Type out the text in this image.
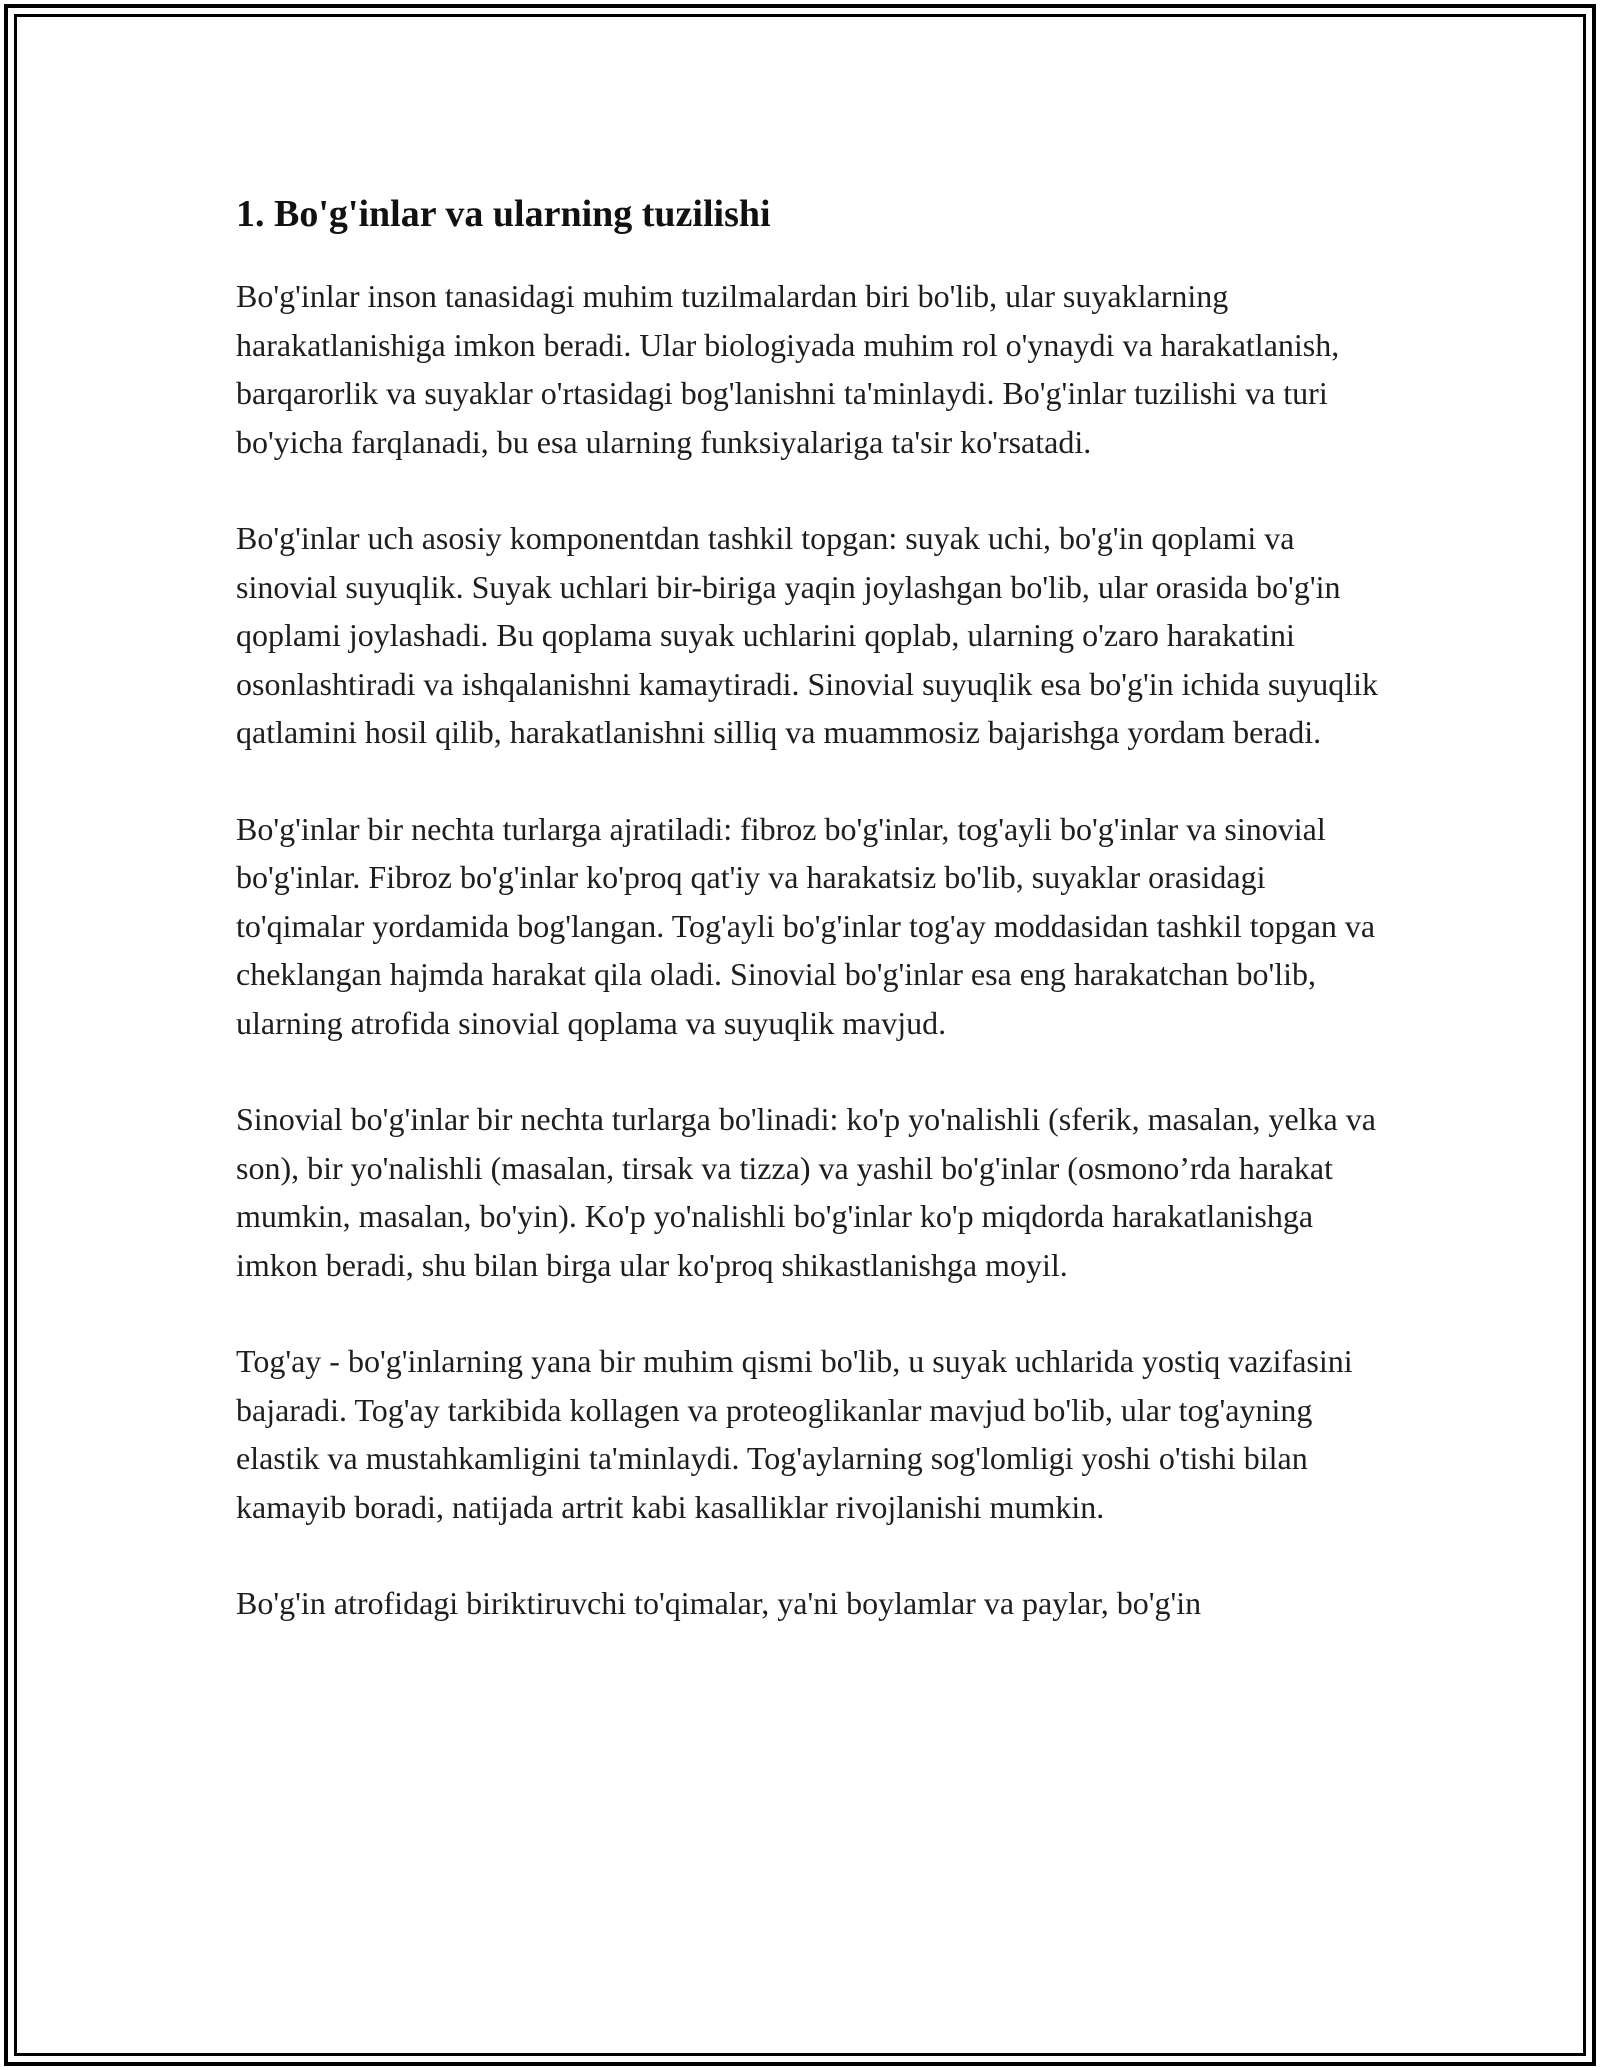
1. Bo'g'inlar va ularning tuzilishi

Bo'g'inlar inson tanasidagi muhim tuzilmalardan biri bo'lib, ular suyaklarning harakatlanishiga imkon beradi. Ular biologiyada muhim rol o'ynaydi va harakatlanish, barqarorlik va suyaklar o'rtasidagi bog'lanishni ta'minlaydi. Bo'g'inlar tuzilishi va turi bo'yicha farqlanadi, bu esa ularning funksiyalariga ta'sir ko'rsatadi.

Bo'g'inlar uch asosiy komponentdan tashkil topgan: suyak uchi, bo'g'in qoplami va sinovial suyuqlik. Suyak uchlari bir-biriga yaqin joylashgan bo'lib, ular orasida bo'g'in qoplami joylashadi. Bu qoplama suyak uchlarini qoplab, ularning o'zaro harakatini osonlashtiradi va ishqalanishni kamaytiradi. Sinovial suyuqlik esa bo'g'in ichida suyuqlik qatlamini hosil qilib, harakatlanishni silliq va muammosiz bajarishga yordam beradi.

Bo'g'inlar bir nechta turlarga ajratiladi: fibroz bo'g'inlar, tog'ayli bo'g'inlar va sinovial bo'g'inlar. Fibroz bo'g'inlar ko'proq qat'iy va harakatsiz bo'lib, suyaklar orasidagi to'qimalar yordamida bog'langan. Tog'ayli bo'g'inlar tog'ay moddasidan tashkil topgan va cheklangan hajmda harakat qila oladi. Sinovial bo'g'inlar esa eng harakatchan bo'lib, ularning atrofida sinovial qoplama va suyuqlik mavjud.

Sinovial bo'g'inlar bir nechta turlarga bo'linadi: ko'p yo'nalishli (sferik, masalan, yelka va son), bir yo'nalishli (masalan, tirsak va tizza) va yashil bo'g'inlar (osmono’rda harakat mumkin, masalan, bo'yin). Ko'p yo'nalishli bo'g'inlar ko'p miqdorda harakatlanishga imkon beradi, shu bilan birga ular ko'proq shikastlanishga moyil.

Tog'ay - bo'g'inlarning yana bir muhim qismi bo'lib, u suyak uchlarida yostiq vazifasini bajaradi. Tog'ay tarkibida kollagen va proteoglikanlar mavjud bo'lib, ular tog'ayning elastik va mustahkamligini ta'minlaydi. Tog'aylarning sog'lomligi yoshi o'tishi bilan kamayib boradi, natijada artrit kabi kasalliklar rivojlanishi mumkin.

Bo'g'in atrofidagi biriktiruvchi to'qimalar, ya'ni boylamlar va paylar, bo'g'in
